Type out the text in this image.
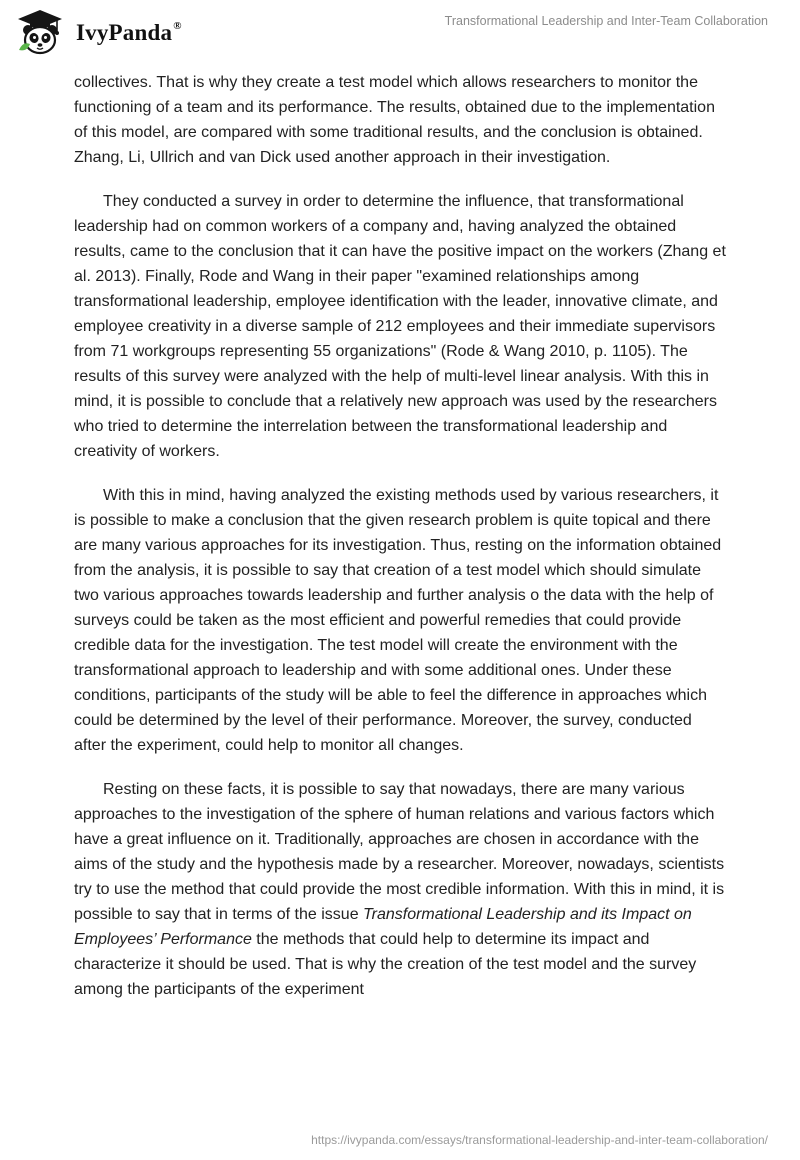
IvyPanda®	Transformational Leadership and Inter-Team Collaboration

collectives. That is why they create a test model which allows researchers to monitor the functioning of a team and its performance. The results, obtained due to the implementation of this model, are compared with some traditional results, and the conclusion is obtained. Zhang, Li, Ullrich and van Dick used another approach in their investigation.

They conducted a survey in order to determine the influence, that transformational leadership had on common workers of a company and, having analyzed the obtained results, came to the conclusion that it can have the positive impact on the workers (Zhang et al. 2013). Finally, Rode and Wang in their paper "examined relationships among transformational leadership, employee identification with the leader, innovative climate, and employee creativity in a diverse sample of 212 employees and their immediate supervisors from 71 workgroups representing 55 organizations" (Rode & Wang 2010, p. 1105). The results of this survey were analyzed with the help of multi-level linear analysis. With this in mind, it is possible to conclude that a relatively new approach was used by the researchers who tried to determine the interrelation between the transformational leadership and creativity of workers.

With this in mind, having analyzed the existing methods used by various researchers, it is possible to make a conclusion that the given research problem is quite topical and there are many various approaches for its investigation. Thus, resting on the information obtained from the analysis, it is possible to say that creation of a test model which should simulate two various approaches towards leadership and further analysis o the data with the help of surveys could be taken as the most efficient and powerful remedies that could provide credible data for the investigation. The test model will create the environment with the transformational approach to leadership and with some additional ones. Under these conditions, participants of the study will be able to feel the difference in approaches which could be determined by the level of their performance. Moreover, the survey, conducted after the experiment, could help to monitor all changes.

Resting on these facts, it is possible to say that nowadays, there are many various approaches to the investigation of the sphere of human relations and various factors which have a great influence on it. Traditionally, approaches are chosen in accordance with the aims of the study and the hypothesis made by a researcher. Moreover, nowadays, scientists try to use the method that could provide the most credible information. With this in mind, it is possible to say that in terms of the issue Transformational Leadership and its Impact on Employees’ Performance the methods that could help to determine its impact and characterize it should be used. That is why the creation of the test model and the survey among the participants of the experiment

https://ivypanda.com/essays/transformational-leadership-and-inter-team-collaboration/
